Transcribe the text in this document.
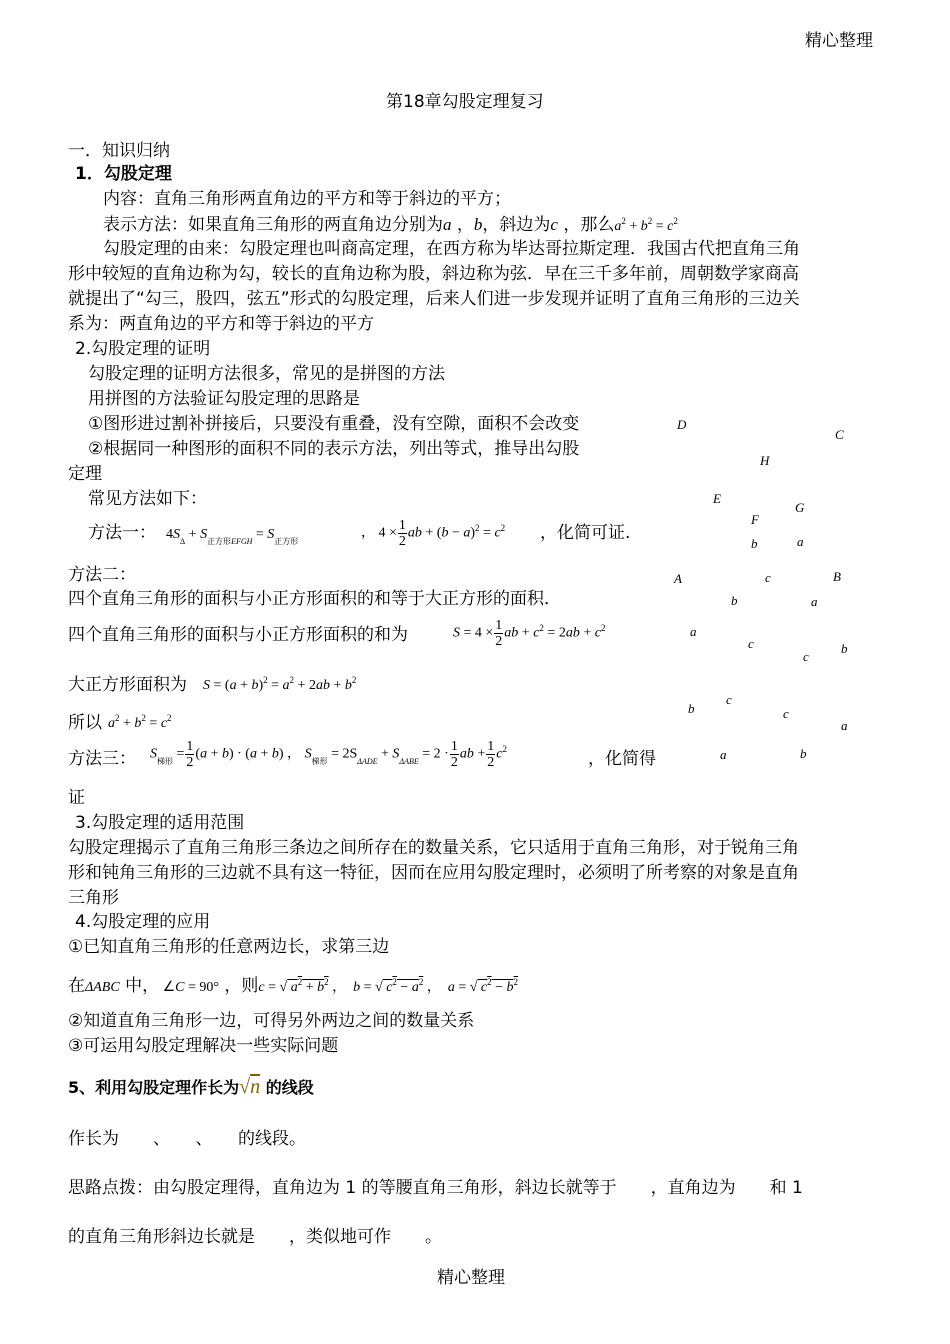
精心整理
第18章勾股定理复习
一．知识归纳
1．勾股定理
内容：直角三角形两直角边的平方和等于斜边的平方；
表示方法：如果直角三角形的两直角边分别为a ，b，斜边为c ，那么$a^2 + b^2 = c^2$
勾股定理的由来：勾股定理也叫商高定理，在西方称为毕达哥拉斯定理．我国古代把直角三角
形中较短的直角边称为勾，较长的直角边称为股，斜边称为弦．早在三千多年前，周朝数学家商高
就提出了“勾三，股四，弦五”形式的勾股定理，后来人们进一步发现并证明了直角三角形的三边关
系为：两直角边的平方和等于斜边的平方
2.勾股定理的证明
勾股定理的证明方法很多，常见的是拼图的方法
用拼图的方法验证勾股定理的思路是
①图形进过割补拼接后，只要没有重叠，没有空隙，面积不会改变
②根据同一种图形的面积不同的表示方法，列出等式，推导出勾股
定理
常见方法如下：
方法一： $4S_\Delta + S_{正方形EFGH} = S_{正方形}$
， $4 \times \frac{1}{2}$ ab + $(b - a)^2 = c^2$ ，化简可证.
方法二：
四个直角三角形的面积与小正方形面积的和等于大正方形的面积．
四个直角三角形的面积与小正方形面积的和为	$S = 4 \times \frac{1}{2}$ ab + $c^2 = 2ab + c^2$
大正方形面积为 $S = (a + b)^2 = a^2 + 2ab + b^2$
所以 $a^2 + b^2 = c^2$
方法三： $S_{梯形} = \frac{1}{2} (a + b) \cdot (a + b)$ ， $S_{梯形} = 2S_{\Delta ADE} + S_{\Delta ABE} = 2 \cdot \frac{1}{2}$ ab + $\frac{1}{2} c^2$
，化简得
证
3.勾股定理的适用范围
勾股定理揭示了直角三角形三条边之间所存在的数量关系，它只适用于直角三角形，对于锐角三角
形和钝角三角形的三边就不具有这一特征，因而在应用勾股定理时，必须明了所考察的对象是直角
三角形
4.勾股定理的应用
①已知直角三角形的任意两边长，求第三边
在ΔABC 中， ∠C = 90° ，则c = √ $a^2 + b^2$ ，  b = √ $c^2 - a^2$ ，  a = √ $c^2 - b^2$
②知道直角三角形一边，可得另外两边之间的数量关系
③可运用勾股定理解决一些实际问题
5、利用勾股定理作长为√n 的线段
作长为　　、　　、　　的线段。
思路点拨：由勾股定理得，直角边为 1 的等腰直角三角形，斜边长就等于　　，直角边为　　和 1
的直角三角形斜边长就是　　，类似地可作　　。
精心整理
D
C
H
E
G
F
b	a
A	c	B
b	a
a
c
c
b
c
b	c
a
a	b
